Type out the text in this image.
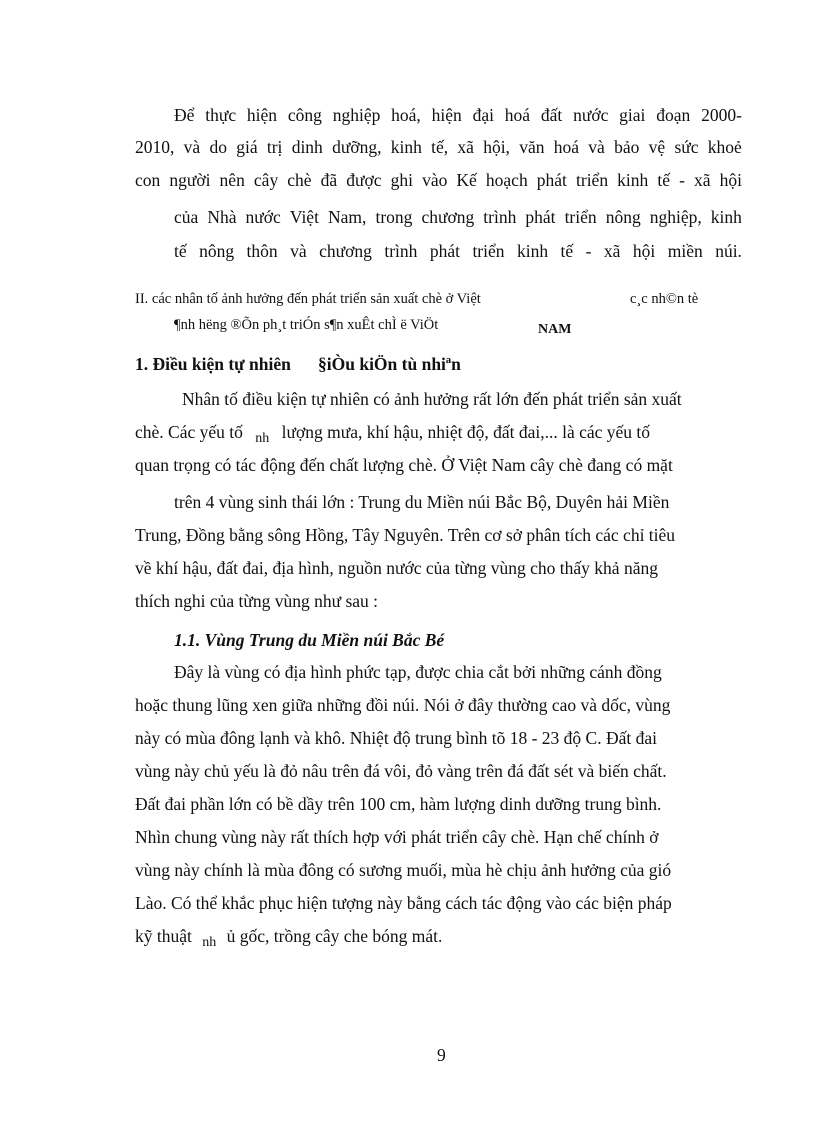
Để thực hiện công nghiệp hoá, hiện đại hoá đất nước giai đoạn 2000-
2010, và do giá trị dinh dưỡng, kinh tế, xã hội, văn hoá và bảo vệ sức khoẻ
con người nên cây chè đã được ghi vào Kế hoạch phát triển kinh tế - xã hội
của Nhà nước Việt Nam, trong chương trình phát triển nông nghiệp, kinh
tế nông thôn và chương trình phát triển kinh tế - xã hội miền núi.
II. các nhân tố ảnh hưởng đến phát triển sản xuất chè ở Việt	c¸c nh©n tè
¶nh hëng ®Õn ph¸t triÓn s¶n xuÊt chÌ ë ViÖt	NAM
1. Điều kiện tự nhiên §iÒu kiÖn tù nhiªn
Nhân tố điều kiện tự nhiên có ảnh hưởng rất lớn đến phát triển sản xuất
chè. Các yếu tố $_{nh}$ lượng mưa, khí hậu, nhiệt độ, đất đai,... là các yếu tố
quan trọng có tác động đến chất lượng chè. Ở Việt Nam cây chè đang có mặt
trên 4 vùng sinh thái lớn : Trung du Miền núi Bắc Bộ, Duyên hải Miền
Trung, Đồng bằng sông Hồng, Tây Nguyên. Trên cơ sở phân tích các chỉ tiêu
về khí hậu, đất đai, địa hình, nguồn nước của từng vùng cho thấy khả năng
thích nghi của từng vùng như sau :
1.1. Vùng Trung du Miền núi Bắc Bé
Đây là vùng có địa hình phức tạp, được chia cắt bởi những cánh đồng
hoặc thung lũng xen giữa những đồi núi. Nói ở đây thường cao và dốc, vùng
này có mùa đông lạnh và khô. Nhiệt độ trung bình tõ 18 - 23 độ C. Đất đai
vùng này chủ yếu là đỏ nâu trên đá vôi, đỏ vàng trên đá đất sét và biến chất.
Đất đai phần lớn có bề dầy trên 100 cm, hàm lượng dinh dưỡng trung bình.
Nhìn chung vùng này rất thích hợp với phát triển cây chè. Hạn chế chính ở
vùng này chính là mùa đông có sương muối, mùa hè chịu ảnh hưởng của gió
Lào. Có thể khắc phục hiện tượng này bằng cách tác động vào các biện pháp
kỹ thuật $_{nh}$ ủ gốc, trồng cây che bóng mát.
9
